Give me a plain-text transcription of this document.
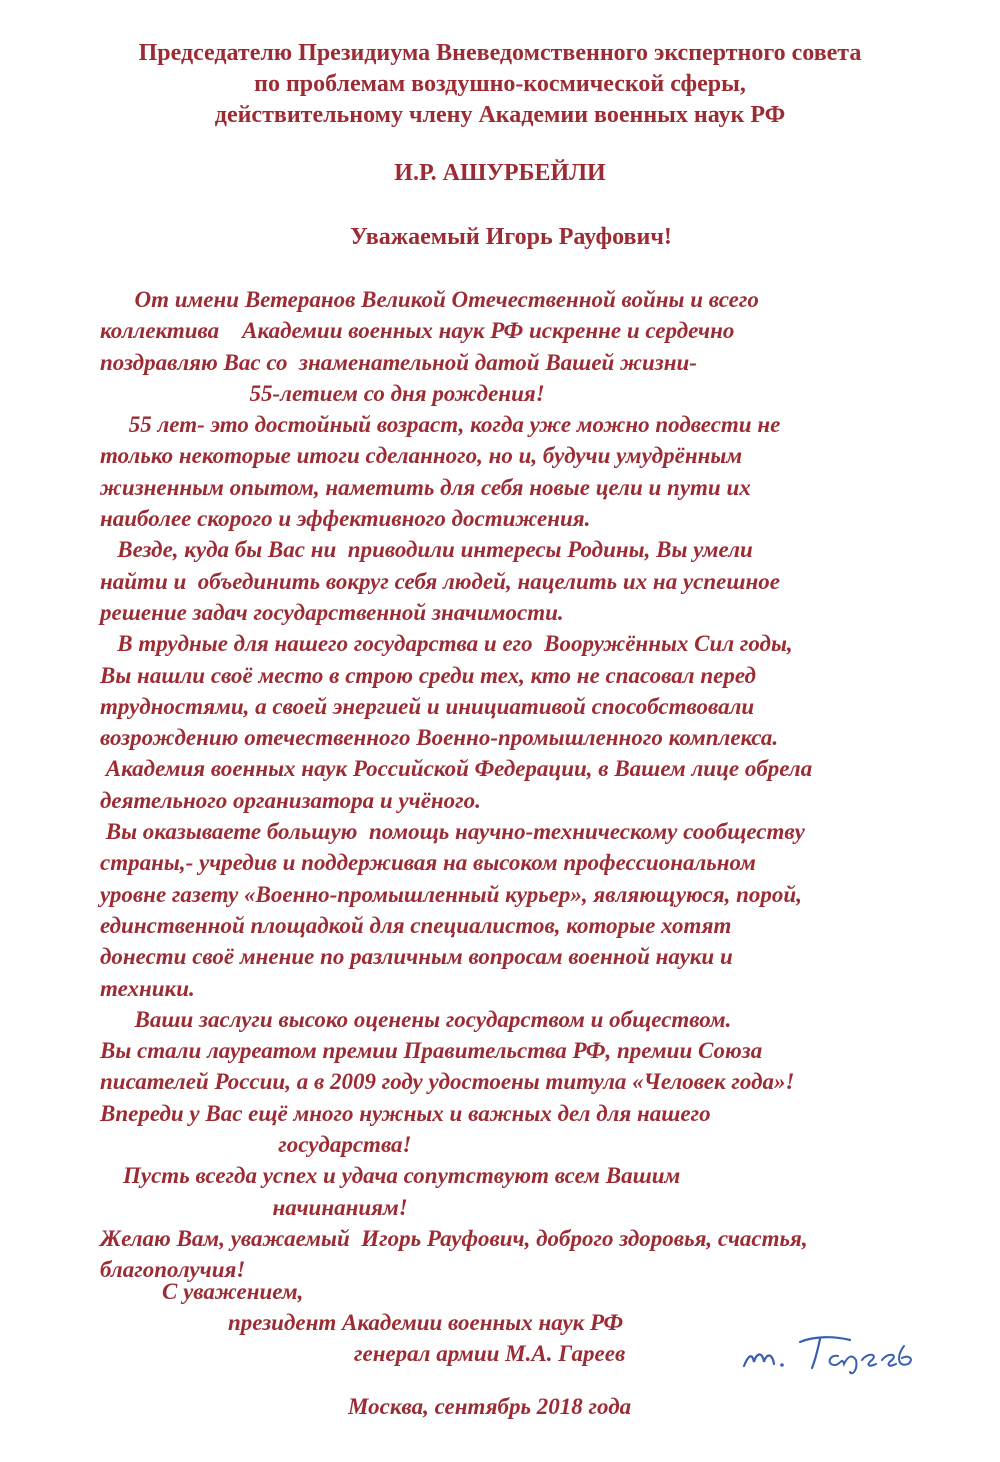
Председателю Президиума Вневедомственного экспертного совета
по проблемам воздушно-космической сферы,
действительному члену Академии военных наук РФ
И.Р. АШУРБЕЙЛИ
Уважаемый Игорь Рауфович!
От имени Ветеранов Великой Отечественной войны и всего
коллектива    Академии военных наук РФ искренне и сердечно
поздравляю Вас со  знаменательной датой Вашей жизни-
55-летием со дня рождения!
55 лет- это достойный возраст, когда уже можно подвести не
только некоторые итоги сделанного, но и, будучи умудрённым
жизненным опытом, наметить для себя новые цели и пути их
наиболее скорого и эффективного достижения.
Везде, куда бы Вас ни  приводили интересы Родины, Вы умели
найти и  объединить вокруг себя людей, нацелить их на успешное
решение задач государственной значимости.
В трудные для нашего государства и его  Вооружённых Сил годы,
Вы нашли своё место в строю среди тех, кто не спасовал перед
трудностями, а своей энергией и инициативой способствовали
возрождению отечественного Военно-промышленного комплекса.
Академия военных наук Российской Федерации, в Вашем лице обрела
деятельного организатора и учёного.
Вы оказываете большую  помощь научно-техническому сообществу
страны,- учредив и поддерживая на высоком профессиональном
уровне газету «Военно-промышленный курьер», являющуюся, порой,
единственной площадкой для специалистов, которые хотят
донести своё мнение по различным вопросам военной науки и
техники.
Ваши заслуги высоко оценены государством и обществом.
Вы стали лауреатом премии Правительства РФ, премии Союза
писателей России, а в 2009 году удостоены титула «Человек года»!
Впереди у Вас ещё много нужных и важных дел для нашего
государства!
Пусть всегда успех и удача сопутствуют всем Вашим
начинаниям!
Желаю Вам, уважаемый  Игорь Рауфович, доброго здоровья, счастья,
благополучия!
С уважением,
президент Академии военных наук РФ
генерал армии М.А. Гареев
Москва, сентябрь 2018 года
